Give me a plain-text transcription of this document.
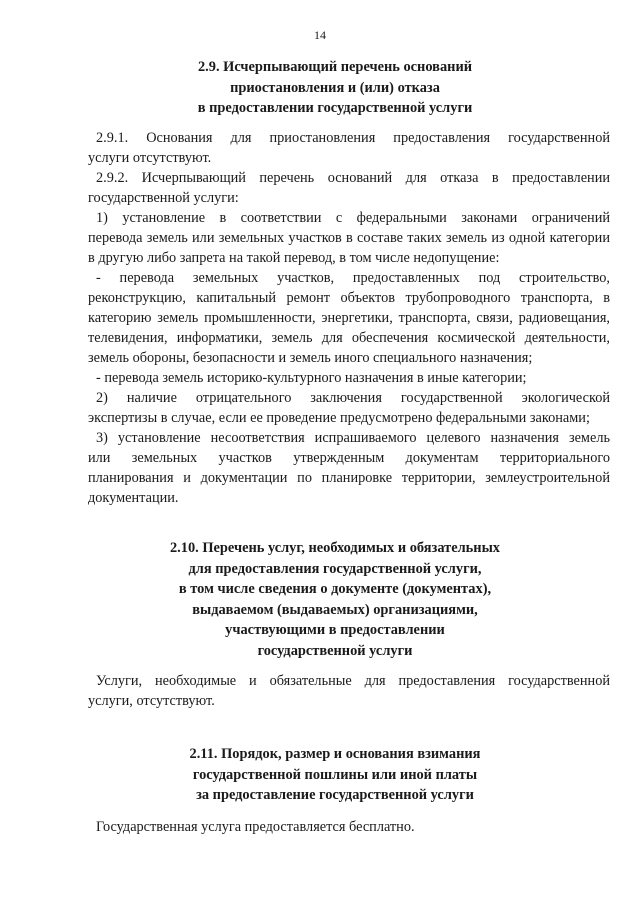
14
2.9. Исчерпывающий перечень оснований
приостановления и (или) отказа
в предоставлении государственной услуги
2.9.1. Основания для приостановления предоставления государственной
услуги отсутствуют.
2.9.2. Исчерпывающий перечень оснований для отказа в предоставлении
государственной услуги:
1) установление в соответствии с федеральными законами ограничений
перевода земель или земельных участков в составе таких земель из одной категории
в другую либо запрета на такой перевод, в том числе недопущение:
- перевода земельных участков, предоставленных под строительство,
реконструкцию, капитальный ремонт объектов трубопроводного транспорта, в
категорию земель промышленности, энергетики, транспорта, связи, радиовещания,
телевидения, информатики, земель для обеспечения космической деятельности,
земель обороны, безопасности и земель иного специального назначения;
- перевода земель историко-культурного назначения в иные категории;
2) наличие отрицательного заключения государственной экологической
экспертизы в случае, если ее проведение предусмотрено федеральными законами;
3) установление несоответствия испрашиваемого целевого назначения земель
или земельных участков утвержденным документам территориального
планирования и документации по планировке территории, землеустроительной
документации.
2.10. Перечень услуг, необходимых и обязательных
для предоставления государственной услуги,
в том числе сведения о документе (документах),
выдаваемом (выдаваемых) организациями,
участвующими в предоставлении
государственной услуги
Услуги, необходимые и обязательные для предоставления государственной
услуги, отсутствуют.
2.11. Порядок, размер и основания взимания
государственной пошлины или иной платы
за предоставление государственной услуги
Государственная услуга предоставляется бесплатно.
